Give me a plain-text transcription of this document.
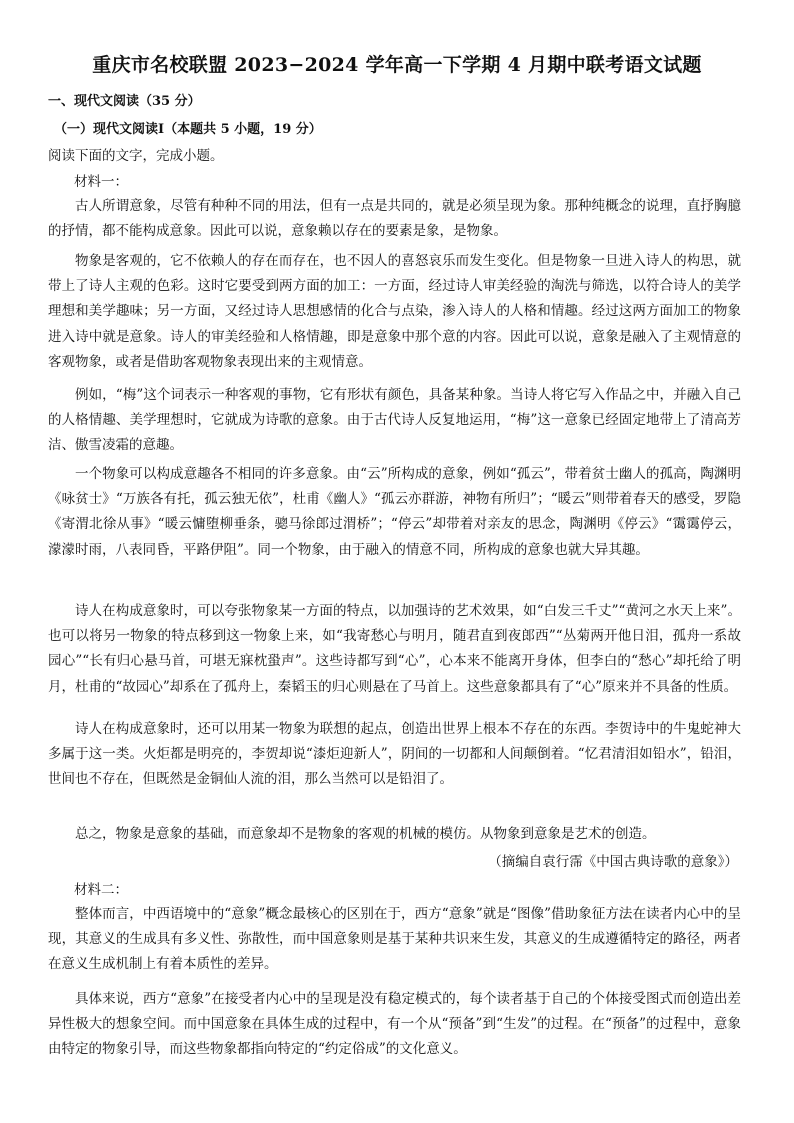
重庆市名校联盟 2023−2024 学年高一下学期 4 月期中联考语文试题
一、现代文阅读（35 分）
（一）现代文阅读Ⅰ（本题共 5 小题，19 分）
阅读下面的文字，完成小题。
材料一：

古人所谓意象，尽管有种种不同的用法，但有一点是共同的，就是必须呈现为象。那种纯概念的说理，直抒胸臆的抒情，都不能构成意象。因此可以说，意象赖以存在的要素是象，是物象。

物象是客观的，它不依赖人的存在而存在，也不因人的喜怒哀乐而发生变化。但是物象一旦进入诗人的构思，就带上了诗人主观的色彩。这时它要受到两方面的加工：一方面，经过诗人审美经验的淘洗与筛选，以符合诗人的美学理想和美学趣味；另一方面，又经过诗人思想感情的化合与点染，渗入诗人的人格和情趣。经过这两方面加工的物象进入诗中就是意象。诗人的审美经验和人格情趣，即是意象中那个意的内容。因此可以说，意象是融入了主观情意的客观物象，或者是借助客观物象表现出来的主观情意。

例如，“梅”这个词表示一种客观的事物，它有形状有颜色，具备某种象。当诗人将它写入作品之中，并融入自己的人格情趣、美学理想时，它就成为诗歌的意象。由于古代诗人反复地运用，“梅”这一意象已经固定地带上了清高芳洁、傲雪凌霜的意趣。

一个物象可以构成意趣各不相同的许多意象。由“云”所构成的意象，例如“孤云”，带着贫士幽人的孤高，陶渊明《咏贫士》“万族各有托，孤云独无依”，杜甫《幽人》“孤云亦群游，神物有所归”；“暖云”则带着春天的感受，罗隐《寄渭北徐从事》“暖云慵堕柳垂条，骢马徐郎过渭桥”；“停云”却带着对亲友的思念，陶渊明《停云》“霭霭停云，濛濛时雨，八表同昏，平路伊阻”。同一个物象，由于融入的情意不同，所构成的意象也就大异其趣。

诗人在构成意象时，可以夸张物象某一方面的特点，以加强诗的艺术效果，如“白发三千丈”“黄河之水天上来”。也可以将另一物象的特点移到这一物象上来，如“我寄愁心与明月，随君直到夜郎西”“丛菊两开他日泪，孤舟一系故园心”“长有归心悬马首，可堪无寐枕蛩声”。这些诗都写到“心”，心本来不能离开身体，但李白的“愁心”却托给了明月，杜甫的“故园心”却系在了孤舟上，秦韬玉的归心则悬在了马首上。这些意象都具有了“心”原来并不具备的性质。

诗人在构成意象时，还可以用某一物象为联想的起点，创造出世界上根本不存在的东西。李贺诗中的牛鬼蛇神大多属于这一类。火炬都是明亮的，李贺却说“漆炬迎新人”，阴间的一切都和人间颠倒着。“忆君清泪如铅水”，铅泪，世间也不存在，但既然是金铜仙人流的泪，那么当然可以是铅泪了。

总之，物象是意象的基础，而意象却不是物象的客观的机械的模仿。从物象到意象是艺术的创造。

（摘编自袁行霈《中国古典诗歌的意象》）
材料二：

整体而言，中西语境中的“意象”概念最核心的区别在于，西方“意象”就是“图像”借助象征方法在读者内心中的呈现，其意义的生成具有多义性、弥散性，而中国意象则是基于某种共识来生发，其意义的生成遵循特定的路径，两者在意义生成机制上有着本质性的差异。

具体来说，西方“意象”在接受者内心中的呈现是没有稳定模式的，每个读者基于自己的个体接受图式而创造出差异性极大的想象空间。而中国意象在具体生成的过程中，有一个从“预备”到“生发”的过程。在“预备”的过程中，意象由特定的物象引导，而这些物象都指向特定的“约定俗成”的文化意义。
